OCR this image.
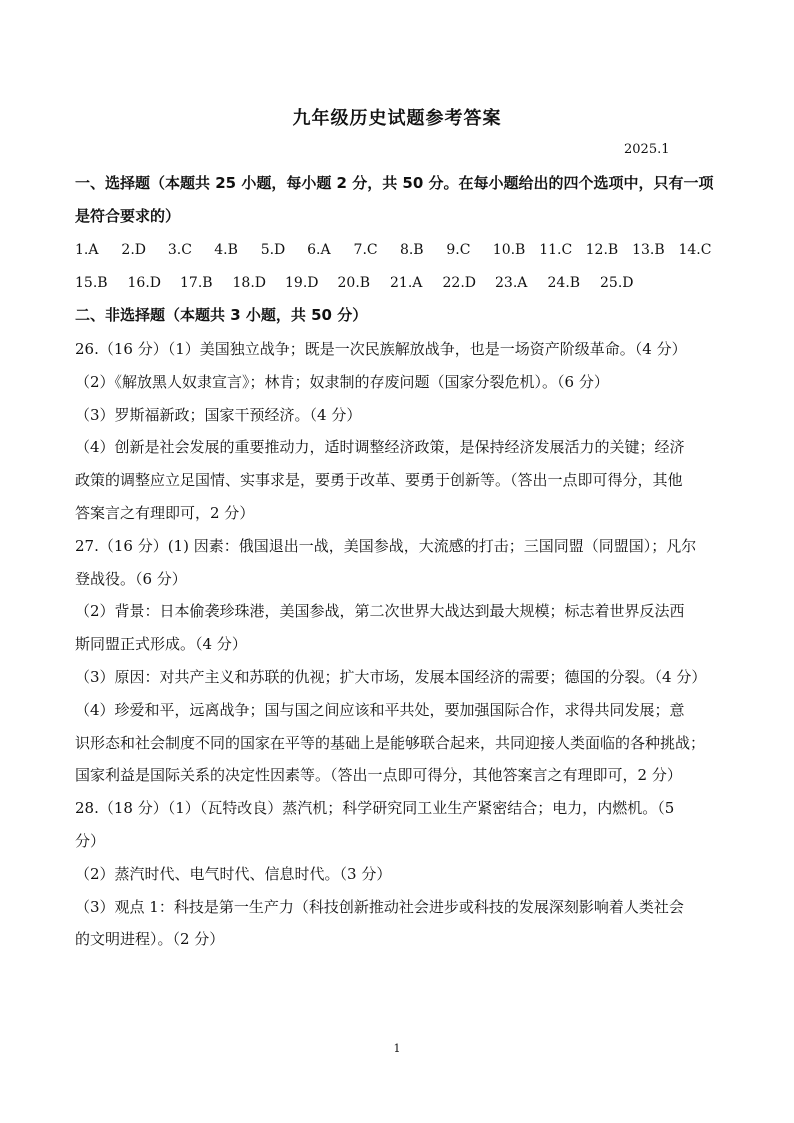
九年级历史试题参考答案
2025.1
一、选择题（本题共 25 小题，每小题 2 分，共 50 分。在每小题给出的四个选项中，只有一项
是符合要求的）
1.A	2.D	3.C	4.B	5.D	6.A	7.C	8.B	9.C	10.B 11.C 12.B 13.B 14.C
15.B	16.D	17.B	18.D	19.D	20.B	21.A	22.D	23.A	24.B	25.D
二、非选择题（本题共 3 小题，共 50 分）
26.（16 分）（1）美国独立战争；既是一次民族解放战争，也是一场资产阶级革命。（4 分）
（2）《解放黑人奴隶宣言》；林肯；奴隶制的存废问题（国家分裂危机）。（6 分）
（3）罗斯福新政；国家干预经济。（4 分）
（4）创新是社会发展的重要推动力，适时调整经济政策，是保持经济发展活力的关键；经济
政策的调整应立足国情、实事求是，要勇于改革、要勇于创新等。（答出一点即可得分，其他
答案言之有理即可，2 分）
27.（16 分）(1) 因素：俄国退出一战，美国参战，大流感的打击；三国同盟（同盟国）；凡尔
登战役。（6 分）
（2）背景：日本偷袭珍珠港，美国参战，第二次世界大战达到最大规模；标志着世界反法西
斯同盟正式形成。（4 分）
（3）原因：对共产主义和苏联的仇视；扩大市场，发展本国经济的需要；德国的分裂。（4 分）
（4）珍爱和平，远离战争；国与国之间应该和平共处，要加强国际合作，求得共同发展；意
识形态和社会制度不同的国家在平等的基础上是能够联合起来，共同迎接人类面临的各种挑战；
国家利益是国际关系的决定性因素等。（答出一点即可得分，其他答案言之有理即可，2 分）
28.（18 分）（1）（瓦特改良）蒸汽机；科学研究同工业生产紧密结合；电力，内燃机。（5
分）
（2）蒸汽时代、电气时代、信息时代。（3 分）
（3）观点 1：科技是第一生产力（科技创新推动社会进步或科技的发展深刻影响着人类社会
的文明进程）。（2 分）
1
